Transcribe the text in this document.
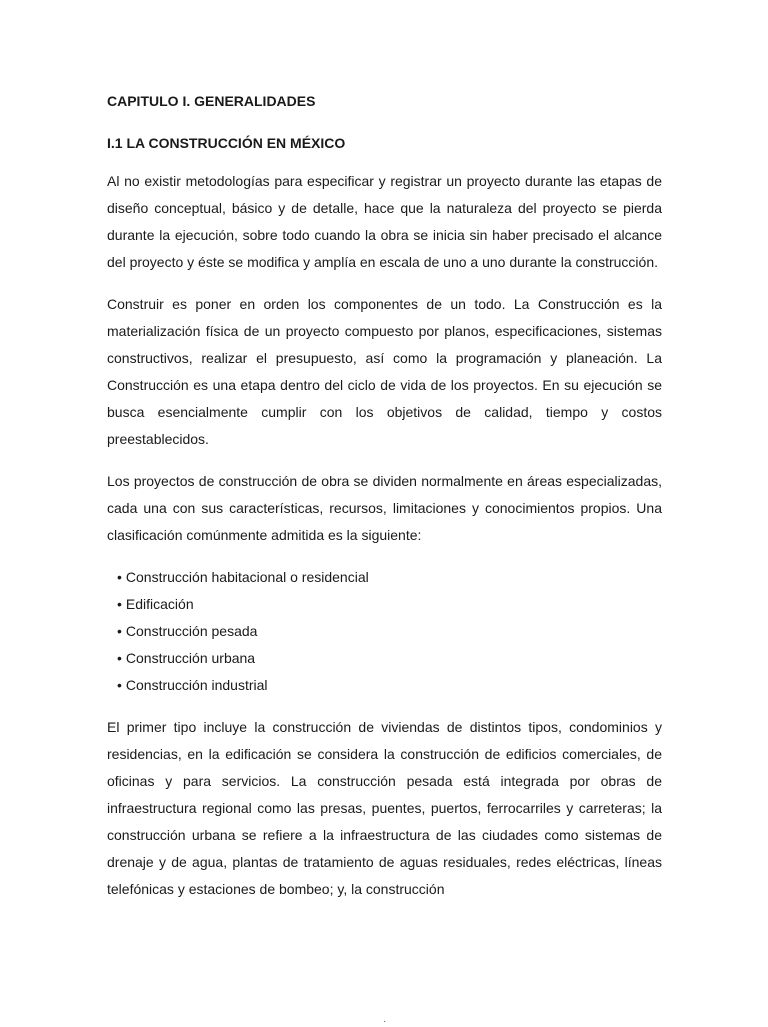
CAPITULO I. GENERALIDADES
I.1 LA CONSTRUCCIÓN EN MÉXICO

Al no existir metodologías para especificar y registrar un proyecto durante las etapas de diseño conceptual, básico y de detalle, hace que la naturaleza del proyecto se pierda durante la ejecución, sobre todo cuando la obra se inicia sin haber precisado el alcance del proyecto y éste se modifica y amplía en escala de uno a uno durante la construcción.

Construir es poner en orden los componentes de un todo. La Construcción es la materialización física de un proyecto compuesto por planos, especificaciones, sistemas constructivos, realizar el presupuesto, así como la programación y planeación. La Construcción es una etapa dentro del ciclo de vida de los proyectos. En su ejecución se busca esencialmente cumplir con los objetivos de calidad, tiempo y costos preestablecidos.

Los proyectos de construcción de obra se dividen normalmente en áreas especializadas, cada una con sus características, recursos, limitaciones y conocimientos propios. Una clasificación comúnmente admitida es la siguiente:

• Construcción habitacional o residencial
• Edificación
• Construcción pesada
• Construcción urbana
• Construcción industrial

El primer tipo incluye la construcción de viviendas de distintos tipos, condominios y residencias, en la edificación se considera la construcción de edificios comerciales, de oficinas y para servicios. La construcción pesada está integrada por obras de infraestructura regional como las presas, puentes, puertos, ferrocarriles y carreteras; la construcción urbana se refiere a la infraestructura de las ciudades como sistemas de drenaje y de agua, plantas de tratamiento de aguas residuales, redes eléctricas, líneas telefónicas y estaciones de bombeo; y, la construcción

·
